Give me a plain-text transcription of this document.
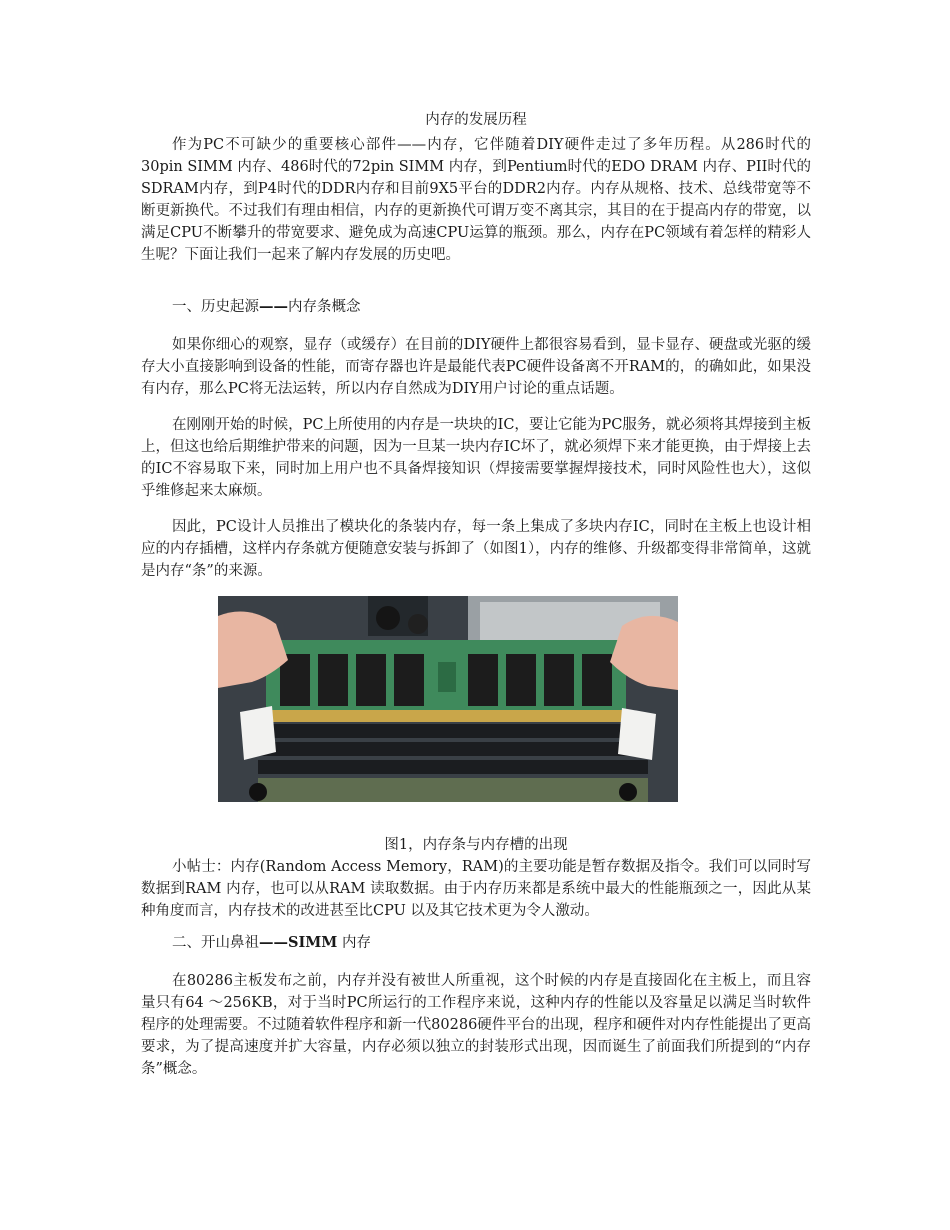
内存的发展历程

作为PC不可缺少的重要核心部件——内存，它伴随着DIY硬件走过了多年历程。从286时代的30pin SIMM 内存、486时代的72pin SIMM 内存，到Pentium时代的EDO DRAM 内存、PII时代的SDRAM内存，到P4时代的DDR内存和目前9X5平台的DDR2内存。内存从规格、技术、总线带宽等不断更新换代。不过我们有理由相信，内存的更新换代可谓万变不离其宗，其目的在于提高内存的带宽，以满足CPU不断攀升的带宽要求、避免成为高速CPU运算的瓶颈。那么，内存在PC领域有着怎样的精彩人生呢？下面让我们一起来了解内存发展的历史吧。

一、历史起源——内存条概念

如果你细心的观察，显存（或缓存）在目前的DIY硬件上都很容易看到，显卡显存、硬盘或光驱的缓存大小直接影响到设备的性能，而寄存器也许是最能代表PC硬件设备离不开RAM的，的确如此，如果没有内存，那么PC将无法运转，所以内存自然成为DIY用户讨论的重点话题。

在刚刚开始的时候，PC上所使用的内存是一块块的IC，要让它能为PC服务，就必须将其焊接到主板上，但这也给后期维护带来的问题，因为一旦某一块内存IC坏了，就必须焊下来才能更换，由于焊接上去的IC不容易取下来，同时加上用户也不具备焊接知识（焊接需要掌握焊接技术，同时风险性也大），这似乎维修起来太麻烦。

因此，PC设计人员推出了模块化的条装内存，每一条上集成了多块内存IC，同时在主板上也设计相应的内存插槽，这样内存条就方便随意安装与拆卸了（如图1），内存的维修、升级都变得非常简单，这就是内存“条”的来源。

图1，内存条与内存槽的出现

小帖士：内存(Random Access Memory，RAM)的主要功能是暂存数据及指令。我们可以同时写数据到RAM 内存，也可以从RAM 读取数据。由于内存历来都是系统中最大的性能瓶颈之一，因此从某种角度而言，内存技术的改进甚至比CPU 以及其它技术更为令人激动。

二、开山鼻祖——SIMM 内存

在80286主板发布之前，内存并没有被世人所重视，这个时候的内存是直接固化在主板上，而且容量只有64 ～256KB，对于当时PC所运行的工作程序来说，这种内存的性能以及容量足以满足当时软件程序的处理需要。不过随着软件程序和新一代80286硬件平台的出现，程序和硬件对内存性能提出了更高要求，为了提高速度并扩大容量，内存必须以独立的封装形式出现，因而诞生了前面我们所提到的“内存条”概念。
